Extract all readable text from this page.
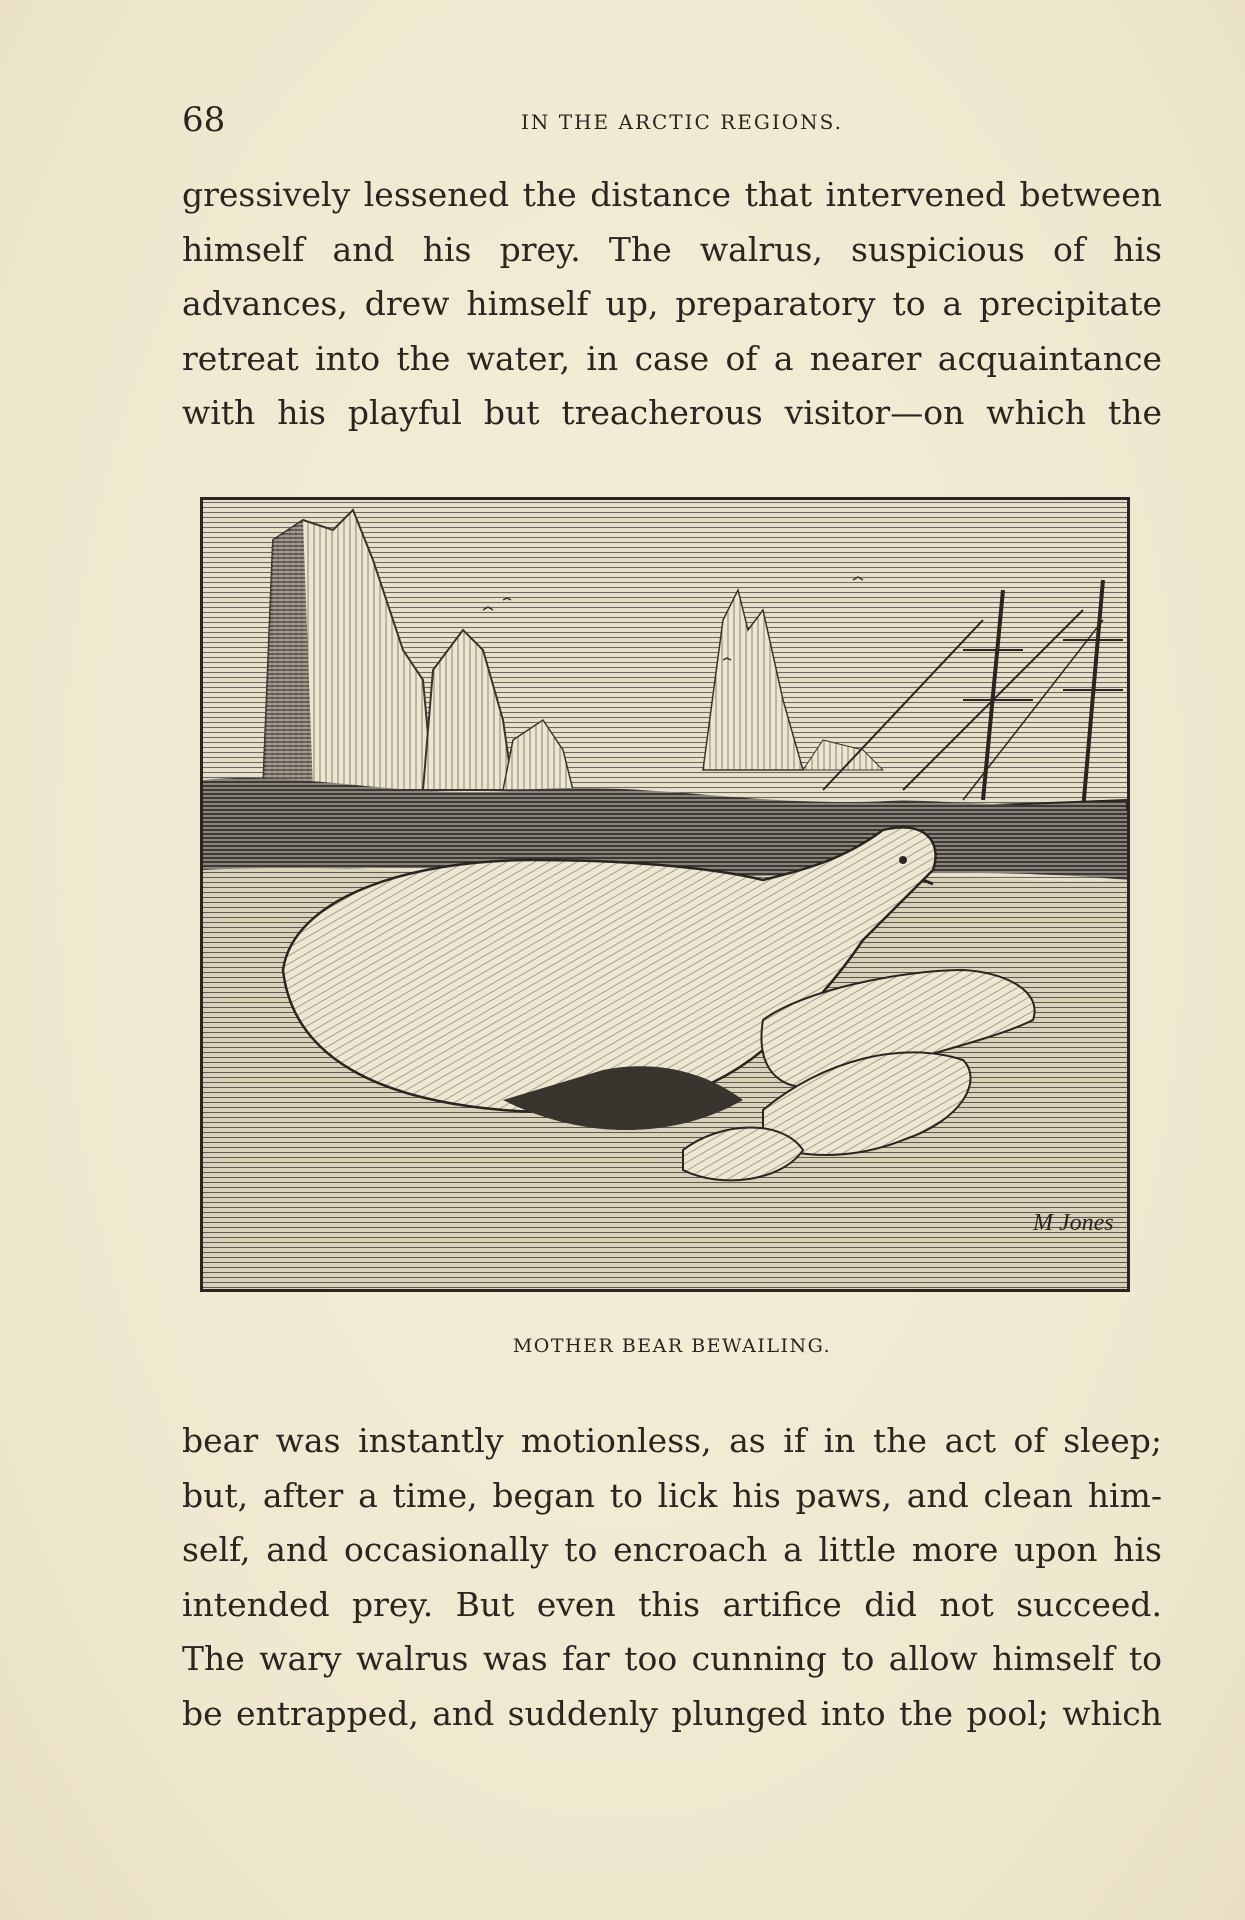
68	IN THE ARCTIC REGIONS.
gressively lessened the distance that intervened between
himself and his prey. The walrus, suspicious of his
advances, drew himself up, preparatory to a precipitate
retreat into the water, in case of a nearer acquaintance
with his playful but treacherous visitor—on which the
M Jones
MOTHER BEAR BEWAILING.
bear was instantly motionless, as if in the act of sleep;
but, after a time, began to lick his paws, and clean him-
self, and occasionally to encroach a little more upon his
intended prey. But even this artifice did not succeed.
The wary walrus was far too cunning to allow himself to
be entrapped, and suddenly plunged into the pool; which
